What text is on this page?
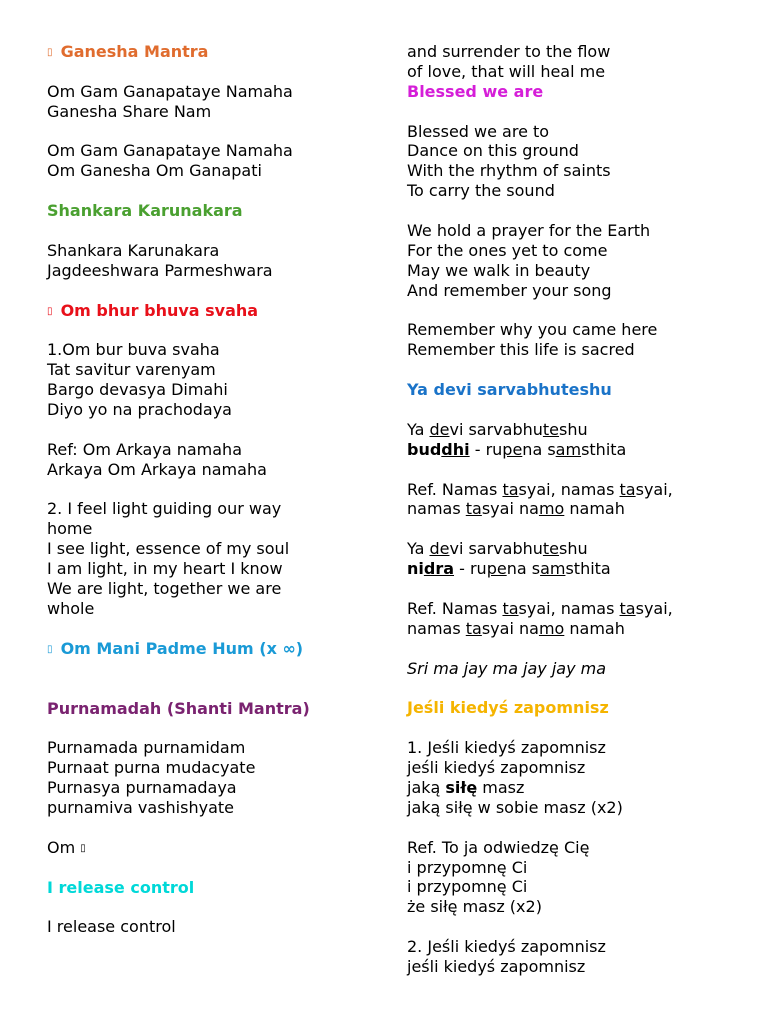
▯ Ganesha Mantra
Om Gam Ganapataye Namaha
Ganesha Share Nam
Om Gam Ganapataye Namaha
Om Ganesha Om Ganapati
Shankara Karunakara
Shankara Karunakara
Jagdeeshwara Parmeshwara
▯ Om bhur bhuva svaha
1.Om bur buva svaha
Tat savitur varenyam
Bargo devasya Dimahi
Diyo yo na prachodaya
Ref: Om Arkaya namaha
Arkaya Om Arkaya namaha
2. I feel light guiding our way
home
I see light, essence of my soul
I am light, in my heart I know
We are light, together we are
whole
▯ Om Mani Padme Hum (x ∞)
Purnamadah (Shanti Mantra)
Purnamada purnamidam
Purnaat purna mudacyate
Purnasya purnamadaya
purnamiva vashishyate
Om ▯
I release control
I release control
and surrender to the flow
of love, that will heal me
Blessed we are
Blessed we are to
Dance on this ground
With the rhythm of saints
To carry the sound
We hold a prayer for the Earth
For the ones yet to come
May we walk in beauty
And remember your song
Remember why you came here
Remember this life is sacred
Ya devi sarvabhuteshu
Ya devi sarvabhuteshu
buddhi - rupena samsthita
Ref. Namas tasyai, namas tasyai,
namas tasyai namo namah
Ya devi sarvabhuteshu
nidra - rupena samsthita
Ref. Namas tasyai, namas tasyai,
namas tasyai namo namah
Sri ma jay ma jay jay ma
Jeśli kiedyś zapomnisz
1. Jeśli kiedyś zapomnisz
jeśli kiedyś zapomnisz
jaką siłę masz
jaką siłę w sobie masz (x2)
Ref. To ja odwiedzę Cię
i przypomnę Ci
i przypomnę Ci
że siłę masz (x2)
2. Jeśli kiedyś zapomnisz
jeśli kiedyś zapomnisz
